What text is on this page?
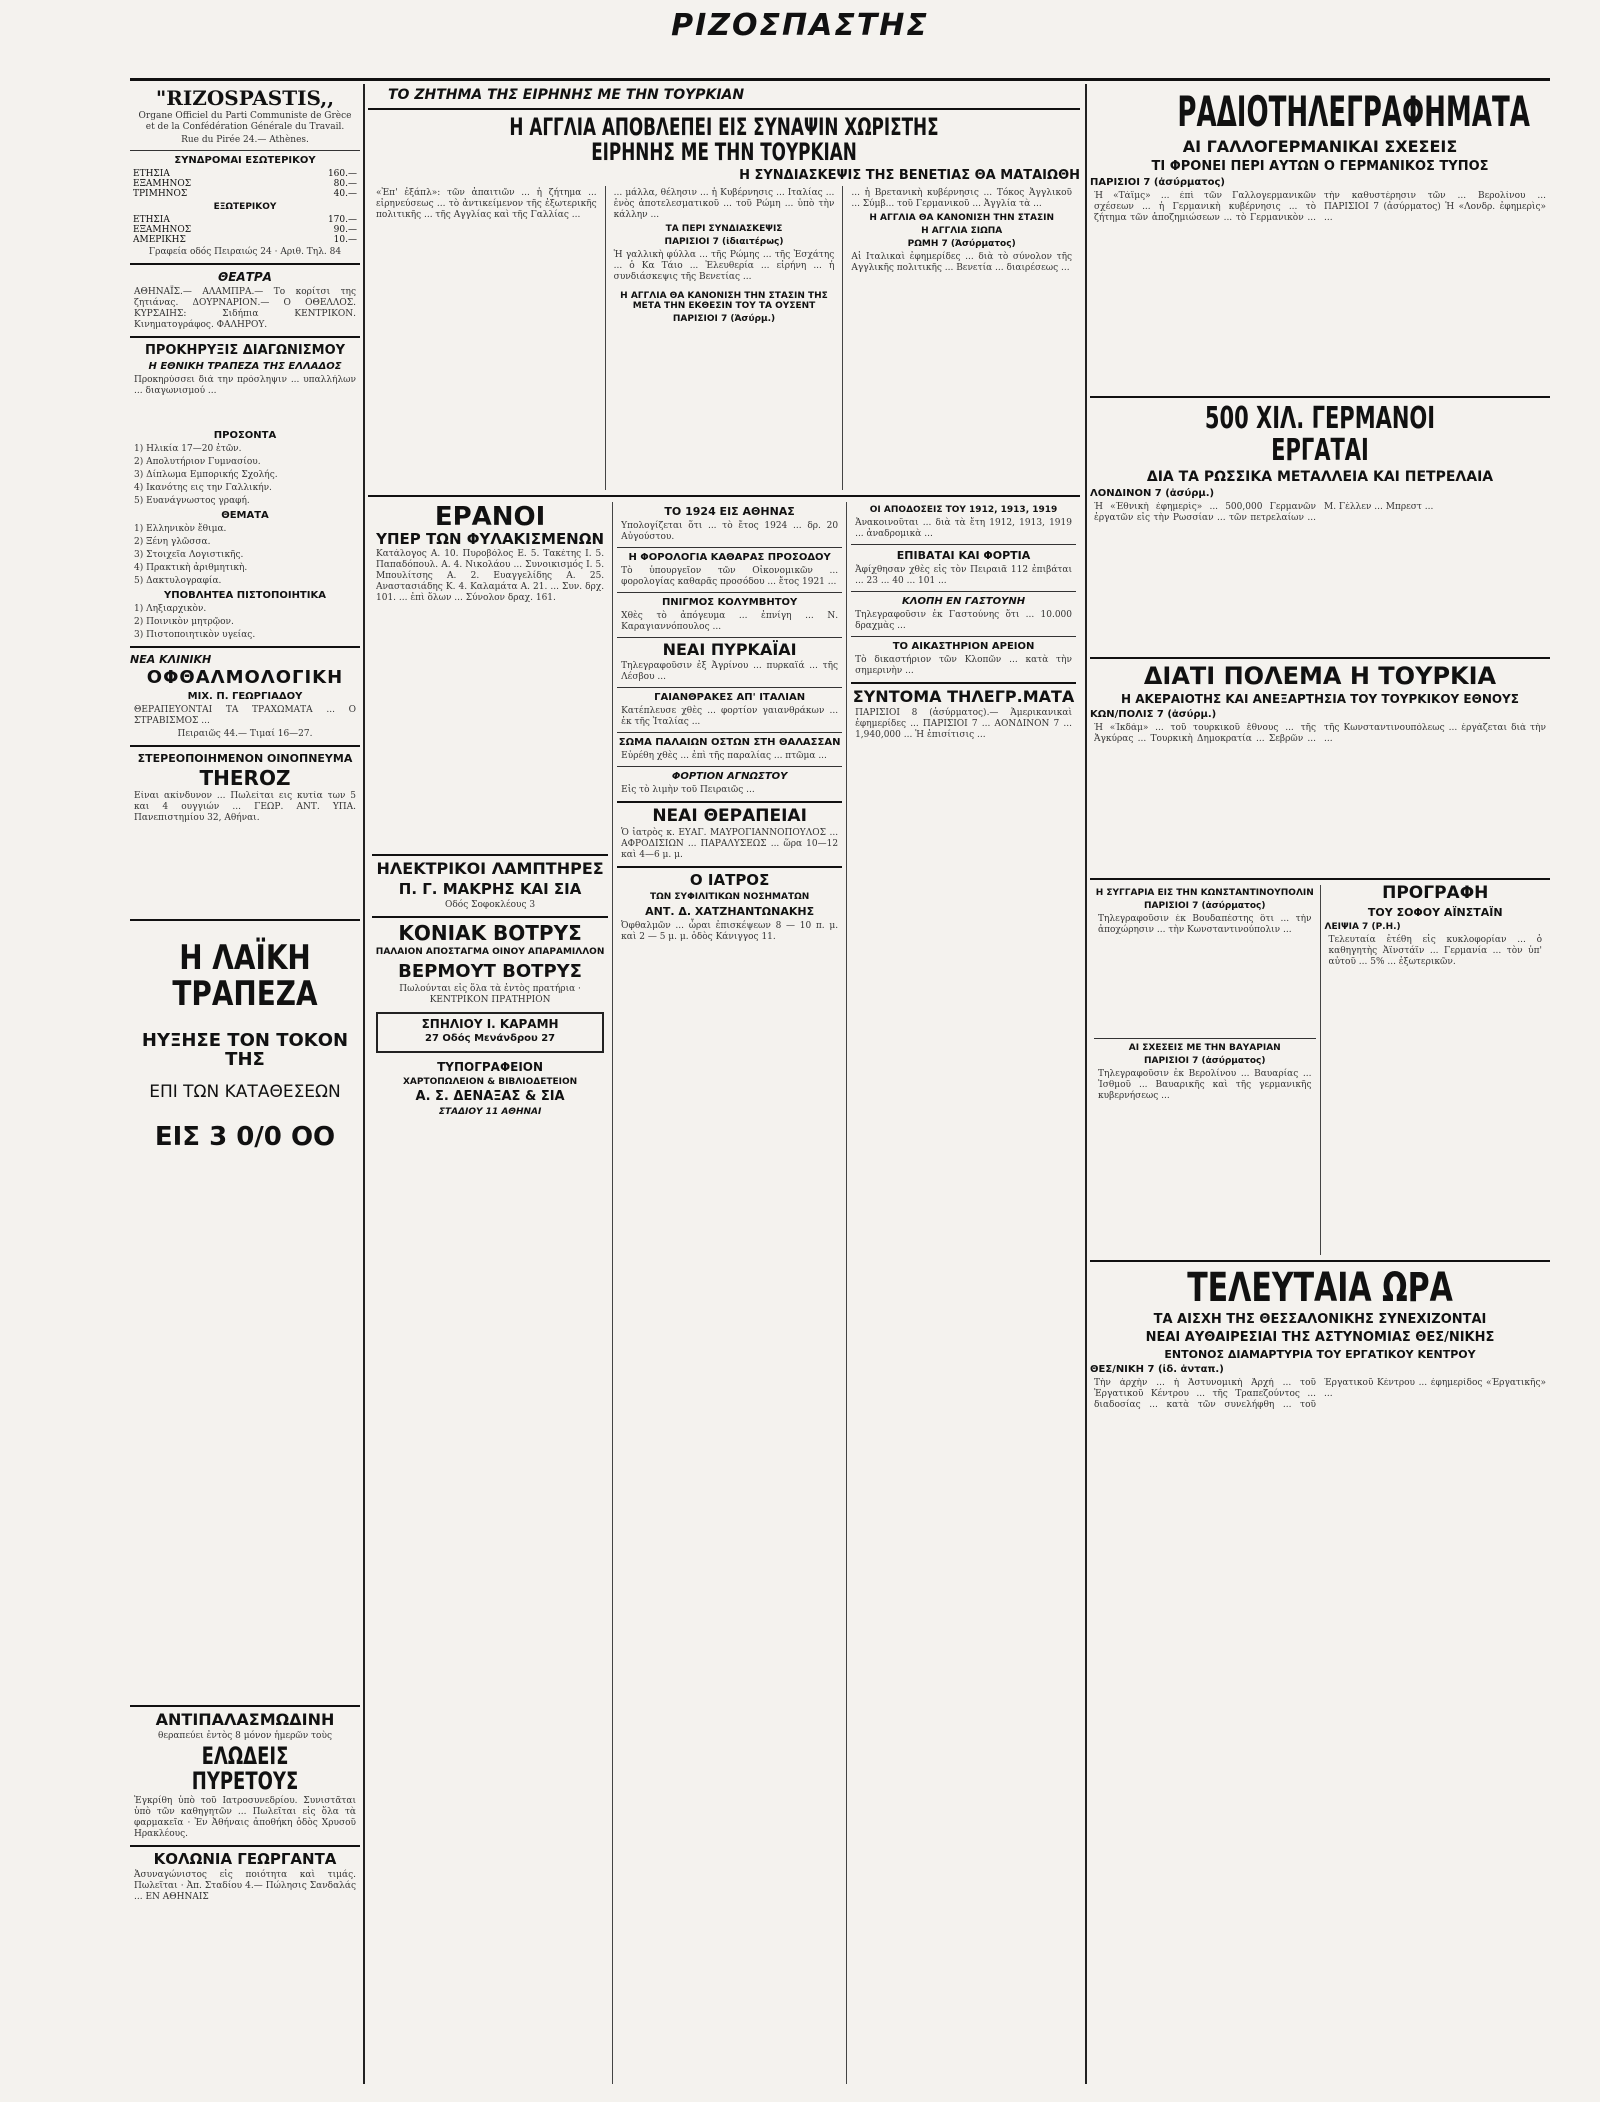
ΡΙΖΟΣΠΑΣΤΗΣ
"RIZOSPASTIS,,

Organe Officiel du Parti Communiste de Grèce et de la Confédération Générale du Travail.

Rue du Pirée 24.— Athènes.

ΣΥΝΔΡΟΜΑΙ ΕΣΩΤΕΡΙΚΟΥ
ΕΤΗΣΙΑ	160.—
ΕΞΑΜΗΝΟΣ	80.—
ΤΡΙΜΗΝΟΣ	40.—
ΕΞΩΤΕΡΙΚΟΥ
ΕΤΗΣΙΑ	170.—
ΕΞΑΜΗΝΟΣ	90.—
ΑΜΕΡΙΚΗΣ	10.—

Γραφεία οδός Πειραιώς 24 · Αριθ. Τηλ. 84

ΘΕΑΤΡΑ

ΑΘΗΝΑΪΣ.— ΑΛΑΜΠΡΑ.— Το κορίτσι της ζητιάνας. ΔΟΥΡΝΑΡΙΟΝ.— Ο ΟΘΕΛΛΟΣ. ΚΥΡΣΑΙΗΣ: Σιδήπια ΚΕΝΤΡΙΚΟΝ. Κινηματογράφος. ΦΑΛΗΡΟΥ.

ΠΡΟΚΗΡΥΞΙΣ ΔΙΑΓΩΝΙΣΜΟΥ
Η ΕΘΝΙΚΗ ΤΡΑΠΕΖΑ ΤΗΣ ΕΛΛΑΔΟΣ

Προκηρύσσει διά την πρόσληψιν ... υπαλλήλων ... διαγωνισμού ...

ΠΡΟΣΟΝΤΑ

1) Ηλικία 17—20 ἐτῶν.

2) Απολυτήριον Γυμνασίου.

3) Δίπλωμα Εμπορικής Σχολής.

4) Ικανότης εις την Γαλλικήν.

5) Ευανάγνωστος γραφή.

ΘΕΜΑΤΑ

1) Ελληνικὸν ἔθιμα.

2) Ξένη γλῶσσα.

3) Στοιχεῖα Λογιστικῆς.

4) Πρακτικὴ ἀριθμητικὴ.

5) Δακτυλογραφία.

ΥΠΟΒΛΗΤΕΑ ΠΙΣΤΟΠΟΙΗΤΙΚΑ

1) Ληξιαρχικὸν.

2) Ποινικὸν μητρῷον.

3) Πιστοποιητικὸν υγείας.

ΝΕΑ ΚΛΙΝΙΚΗ
ΟΦΘΑΛΜΟΛΟΓΙΚΗ
ΜΙΧ. Π. ΓΕΩΡΓΙΑΔΟΥ

ΘΕΡΑΠΕΥΟΝΤΑΙ ΤΑ ΤΡΑΧΩΜΑΤΑ ... Ο ΣΤΡΑΒΙΣΜΟΣ ...

Πειραιῶς 44.— Τιμαί 16—27.

ΣΤΕΡΕΟΠΟΙΗΜΕΝΟΝ ΟΙΝΟΠΝΕΥΜΑ
THEROZ

Είναι ακίνδυνον ... Πωλείται εις κυτία των 5 και 4 ουγγιών ... ΓΕΩΡ. ΑΝΤ. ΥΠΑ. Πανεπιστημίου 32, Αθήναι.

Η ΛΑΪΚΗ ΤΡΑΠΕΖΑ
ΗΥΞΗΣΕ ΤΟΝ ΤΟΚΟΝ ΤΗΣ
ΕΠΙ ΤΩΝ ΚΑΤΑΘΕΣΕΩΝ
ΕΙΣ 3 0/0 ΟΟ
ΤΟ ΖΗΤΗΜΑ ΤΗΣ ΕΙΡΗΝΗΣ ΜΕ ΤΗΝ ΤΟΥΡΚΙΑΝ
Η ΑΓΓΛΙΑ ΑΠΟΒΛΕΠΕΙ ΕΙΣ ΣΥΝΑΨΙΝ ΧΩΡΙΣΤΗΣ ΕΙΡΗΝΗΣ ΜΕ ΤΗΝ ΤΟΥΡΚΙΑΝ
Η ΣΥΝΔΙΑΣΚΕΨΙΣ ΤΗΣ ΒΕΝΕΤΙΑΣ ΘΑ ΜΑΤΑΙΩΘΗ

«Ἐπ' ἐξάπλ»: τῶν ἀπαιτιῶν ... ἡ ζήτημα ... εἰρηνεύσεως ... τὸ ἀντικείμενον τῆς ἐξωτερικῆς πολιτικῆς ... τῆς Αγγλίας καὶ τῆς Γαλλίας ...

... μάλλα, θέλησιν ... ἡ Κυβέρνησις ... Ιταλίας ... ἑνὸς ἀποτελεσματικοῦ ... τοῦ Ρώμη ... ὑπὸ τὴν κάλλην ...

ΤΑ ΠΕΡΙ ΣΥΝΔΙΑΣΚΕΨΙΣ
ΠΑΡΙΣΙΟΙ 7 (ἰδιαιτέρως)

Ἡ γαλλικὴ φύλλα ... τῆς Ρώμης ... τῆς Ἐσχάτης ... ὁ Κα Τάιο ... Ἐλευθερία ... εἰρήνη ... ἡ συνδιάσκεψις τῆς Βενετίας ...

Η ΑΓΓΛΙΑ ΘΑ ΚΑΝΟΝΙΣΗ ΤΗΝ ΣΤΑΣΙΝ ΤΗΣ ΜΕΤΑ ΤΗΝ ΕΚΘΕΣΙΝ ΤΟΥ ΤΑ ΟΥΣΕΝΤ
ΠΑΡΙΣΙΟΙ 7 (Ἀσύρμ.)

... ἡ Βρετανικὴ κυβέρνησις ... Τόκος Ἀγγλικοῦ ... Σύμβ... τοῦ Γερμανικοῦ ... Ἀγγλία τὰ ...

Η ΑΓΓΛΙΑ ΘΑ ΚΑΝΟΝΙΣΗ ΤΗΝ ΣΤΑΣΙΝ
Η ΑΓΓΛΙΑ ΣΙΩΠΑ
ΡΩΜΗ 7 (Ἀσύρματος)

Αἱ Ιταλικαὶ ἐφημερίδες ... διὰ τὸ σύνολον τῆς Αγγλικῆς πολιτικῆς ... Βενετία ... διαιρέσεως ...

ΕΡΑΝΟΙ
ΥΠΕΡ ΤΩΝ ΦΥΛΑΚΙΣΜΕΝΩΝ

Κατάλογος Α. 10. Πυροβόλος Ε. 5. Τακέτης Ι. 5. Παπαδόπουλ. Α. 4. Νικολάου ... Συνοικισμός Ι. 5. Μπουλίτσης Α. 2. Ευαγγελίδης Α. 25. Αναστασιάδης Κ. 4. Καλαμάτα Α. 21. ... Συν. δρχ. 101. ... ἐπὶ ὅλων ... Σύνολον δραχ. 161.

ΗΛΕΚΤΡΙΚΟΙ ΛΑΜΠΤΗΡΕΣ
Π. Γ. ΜΑΚΡΗΣ ΚΑΙ ΣΙΑ

Οδός Σοφοκλέους 3

ΚΟΝΙΑΚ ΒΟΤΡΥΣ
ΠΑΛΑΙΟΝ ΑΠΟΣΤΑΓΜΑ ΟΙΝΟΥ ΑΠΑΡΑΜΙΛΛΟΝ
ΒΕΡΜΟΥΤ ΒΟΤΡΥΣ

Πωλούνται εἰς ὅλα τὰ ἐντὸς πρατήρια · ΚΕΝΤΡΙΚΟΝ ΠΡΑΤΗΡΙΟΝ

ΣΠΗΛΙΟΥ Ι. ΚΑΡΑΜΗ
27 Οδός Μενάνδρου 27
ΤΥΠΟΓΡΑΦΕΙΟΝ
ΧΑΡΤΟΠΩΛΕΙΟΝ & ΒΙΒΛΙΟΔΕΤΕΙΟΝ
Α. Σ. ΔΕΝΑΞΑΣ & ΣΙΑ
ΣΤΑΔΙΟΥ 11 ΑΘΗΝΑΙ
ΤΟ 1924 ΕΙΣ ΑΘΗΝΑΣ

Υπολογίζεται ὅτι ... τὸ ἔτος 1924 ... δρ. 20 Αὐγούστου.

Η ΦΟΡΟΛΟΓΙΑ ΚΑΘΑΡΑΣ ΠΡΟΣΟΔΟΥ

Τὸ ὑπουργεῖον τῶν Οἰκονομικῶν ... φορολογίας καθαρᾶς προσόδου ... ἔτος 1921 ...

ΠΝΙΓΜΟΣ ΚΟΛΥΜΒΗΤΟΥ

Χθὲς τὸ ἀπόγευμα ... ἐπνίγη ... Ν. Καραγιαννόπουλος ...

ΝΕΑΙ ΠΥΡΚΑΪΑΙ

Τηλεγραφοῦσιν ἐξ Ἀγρίνου ... πυρκαϊά ... τῆς Λέσβου ...

ΓΑΙΑΝΘΡΑΚΕΣ ΑΠ' ΙΤΑΛΙΑΝ

Κατέπλευσε χθὲς ... φορτίον γαιανθράκων ... ἐκ τῆς Ἰταλίας ...

ΣΩΜΑ ΠΑΛΑΙΩΝ ΟΣΤΩΝ ΣΤΗ ΘΑΛΑΣΣΑΝ

Εὑρέθη χθὲς ... ἐπὶ τῆς παραλίας ... πτῶμα ...

ΦΟΡΤΙΟΝ ΑΓΝΩΣΤΟΥ

Εἰς τὸ λιμὴν τοῦ Πειραιῶς ...

ΝΕΑΙ ΘΕΡΑΠΕΙΑΙ

Ὁ ἰατρὸς κ. ΕΥΑΓ. ΜΑΥΡΟΓΙΑΝΝΟΠΟΥΛΟΣ ... ΑΦΡΟΔΙΣΙΩΝ ... ΠΑΡΑΛΥΣΕΩΣ ... ὥρα 10—12 καὶ 4—6 μ. μ.

Ο ΙΑΤΡΟΣ
ΤΩΝ ΣΥΦΙΛΙΤΙΚΩΝ ΝΟΣΗΜΑΤΩΝ
ΑΝΤ. Δ. ΧΑΤΖΗΑΝΤΩΝΑΚΗΣ

Ὀφθαλμῶν ... ὧραι ἐπισκέψεων 8 — 10 π. μ. καὶ 2 — 5 μ. μ. ὁδὸς Κάνιγγος 11.

ΟΙ ΑΠΟΔΟΣΕΙΣ ΤΟΥ 1912, 1913, 1919

Ἀνακοινοῦται ... διὰ τὰ ἔτη 1912, 1913, 1919 ... ἀναδρομικὰ ...

ΕΠΙΒΑΤΑΙ ΚΑΙ ΦΟΡΤΙΑ

Ἀφίχθησαν χθὲς εἰς τὸν Πειραιᾶ 112 ἐπιβάται ... 23 ... 40 ... 101 ...

ΚΛΟΠΗ ΕΝ ΓΑΣΤΟΥΝΗ

Τηλεγραφοῦσιν ἐκ Γαστούνης ὅτι ... 10.000 δραχμὰς ...

ΤΟ ΑΙΚΑΣΤΗΡΙΟΝ ΑΡΕΙΟΝ

Τὸ δικαστήριον τῶν Κλοπῶν ... κατὰ τὴν σημερινὴν ...

ΣΥΝΤΟΜΑ ΤΗΛΕΓΡ.ΜΑΤΑ

ΠΑΡΙΣΙΟΙ 8 (ἀσύρματος).— Ἀμερικανικαὶ ἐφημερίδες ... ΠΑΡΙΣΙΟΙ 7 ... ΑΟΝΔΙΝΟΝ 7 ... 1,940,000 ... Ἡ ἐπισίτισις ...

ΡΑΔΙΟΤΗΛΕΓΡΑΦΗΜΑΤΑ
ΑΙ ΓΑΛΛΟΓΕΡΜΑΝΙΚΑΙ ΣΧΕΣΕΙΣ
ΤΙ ΦΡΟΝΕΙ ΠΕΡΙ ΑΥΤΩΝ Ο ΓΕΡΜΑΝΙΚΟΣ ΤΥΠΟΣ
ΠΑΡΙΣΙΟΙ 7 (ἀσύρματος)

Ἡ «Τάϊμς» ... ἐπὶ τῶν Γαλλογερμανικῶν σχέσεων ... ἡ Γερμανικὴ κυβέρνησις ... τὸ ζήτημα τῶν ἀποζημιώσεων ... τὸ Γερμανικὸν ... τὴν καθυστέρησιν τῶν ... Βερολίνου ... ΠΑΡΙΣΙΟΙ 7 (ἀσύρματος) Ἡ «Λονδρ. ἐφημερὶς» ...

500 ΧΙΛ. ΓΕΡΜΑΝΟΙ ΕΡΓΑΤΑΙ
ΔΙΑ ΤΑ ΡΩΣΣΙΚΑ ΜΕΤΑΛΛΕΙΑ ΚΑΙ ΠΕΤΡΕΛΑΙΑ
ΛΟΝΔΙΝΟΝ 7 (ἀσύρμ.)

Ἡ «Ἐθνικὴ ἐφημερὶς» ... 500,000 Γερμανῶν ἐργατῶν εἰς τὴν Ρωσσίαν ... τῶν πετρελαίων ... Μ. Γέλλεν ... Μπρεστ ...

ΔΙΑΤΙ ΠΟΛΕΜΑ Η ΤΟΥΡΚΙΑ
Η ΑΚΕΡΑΙΟΤΗΣ ΚΑΙ ΑΝΕΞΑΡΤΗΣΙΑ ΤΟΥ ΤΟΥΡΚΙΚΟΥ ΕΘΝΟΥΣ
ΚΩΝ/ΠΟΛΙΣ 7 (ἀσύρμ.)

Ἡ «Ἰκδάμ» ... τοῦ τουρκικοῦ ἔθνους ... τῆς Ἀγκύρας ... Τουρκικὴ Δημοκρατία ... Σεβρῶν ... τῆς Κωνσταντινουπόλεως ... ἐργάζεται διὰ τὴν ...

Η ΣΥΓΓΑΡΙΑ ΕΙΣ ΤΗΝ ΚΩΝΣΤΑΝΤΙΝΟΥΠΟΛΙΝ
ΠΑΡΙΣΙΟΙ 7 (ἀσύρματος)

Τηλεγραφοῦσιν ἐκ Βουδαπέστης ὅτι ... τὴν ἀποχώρησιν ... τὴν Κωνσταντινούπολιν ...

ΑΙ ΣΧΕΣΕΙΣ ΜΕ ΤΗΝ ΒΑΥΑΡΙΑΝ
ΠΑΡΙΣΙΟΙ 7 (ἀσύρματος)

Τηλεγραφοῦσιν ἐκ Βερολίνου ... Βαυαρίας ... Ἰσθμοῦ ... Βαυαρικῆς καὶ τῆς γερμανικῆς κυβερνήσεως ...

ΠΡΟΓΡΑΦΗ
ΤΟΥ ΣΟΦΟΥ ΑΪΝΣΤΑΪΝ
ΛΕΙΨΙΑ 7 (Ρ.Η.)

Τελευταία ἐτέθη εἰς κυκλοφορίαν ... ὁ καθηγητὴς Ἀϊνστάϊν ... Γερμανία ... τὸν ὑπ' αὐτοῦ ... 5% ... ἐξωτερικῶν.

ΤΕΛΕΥΤΑΙΑ ΩΡΑ
ΤΑ ΑΙΣΧΗ ΤΗΣ ΘΕΣΣΑΛΟΝΙΚΗΣ ΣΥΝΕΧΙΖΟΝΤΑΙ
ΝΕΑΙ ΑΥΘΑΙΡΕΣΙΑΙ ΤΗΣ ΑΣΤΥΝΟΜΙΑΣ ΘΕΣ/ΝΙΚΗΣ
ΕΝΤΟΝΟΣ ΔΙΑΜΑΡΤΥΡΙΑ ΤΟΥ ΕΡΓΑΤΙΚΟΥ ΚΕΝΤΡΟΥ
ΘΕΣ/ΝΙΚΗ 7 (ἰδ. ἀνταπ.)

Τὴν ἀρχὴν ... ἡ Ἀστυνομικὴ Ἀρχή ... τοῦ Ἐργατικοῦ Κέντρου ... τῆς Τραπεζούντος ... διαδοσίας ... κατὰ τῶν συνελήφθη ... τοῦ Ἐργατικοῦ Κέντρου ... ἐφημερίδος «Ἐργατικῆς» ...

ΑΝΤΙΠΑΛΑΣΜΩΔΙΝΗ

θεραπεύει ἐντὸς 8 μόνον ἡμερῶν τοὺς

ΕΛΩΔΕΙΣ ΠΥΡΕΤΟΥΣ

Ἐγκρίθη ὑπὸ τοῦ Ιατροσυνεδρίου. Συνιστᾶται ὑπὸ τῶν καθηγητῶν ... Πωλεῖται εἰς ὅλα τὰ φαρμακεῖα · Ἐν Ἀθήναις ἀποθήκη ὁδὸς Χρυσοῦ Ηρακλέους.

ΚΟΛΩΝΙΑ ΓΕΩΡΓΑΝΤΑ

Ἀσυναγώνιστος εἰς ποιότητα καὶ τιμάς. Πωλεῖται · Ἀπ. Σταδίου 4.— Πώλησις Σανδαλάς ... ΕΝ ΑΘΗΝΑΙΣ
